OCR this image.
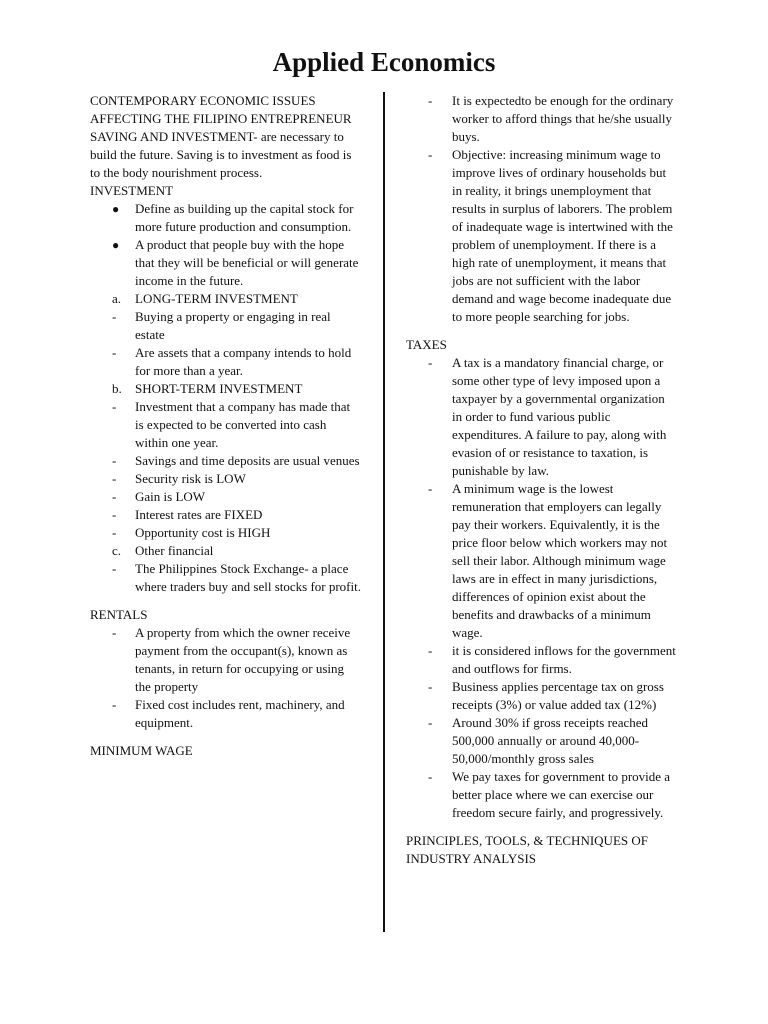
Applied Economics

CONTEMPORARY ECONOMIC ISSUES AFFECTING THE FILIPINO ENTREPRENEUR

SAVING AND INVESTMENT- are necessary to build the future. Saving is to investment as food is to the body nourishment process.

INVESTMENT

●	Define as building up the capital stock for more future production and consumption.
●	A product that people buy with the hope that they will be beneficial or will generate income in the future.
a.	LONG-TERM INVESTMENT
-	Buying a property or engaging in real estate
-	Are assets that a company intends to hold for more than a year.
b.	SHORT-TERM INVESTMENT
-	Investment that a company has made that is expected to be converted into cash within one year.
-	Savings and time deposits are usual venues
-	Security risk is LOW
-	Gain is LOW
-	Interest rates are FIXED
-	Opportunity cost is HIGH
c.	Other financial
-	The Philippines Stock Exchange- a place where traders buy and sell stocks for profit.

RENTALS

-	A property from which the owner receive payment from the occupant(s), known as tenants, in return for occupying or using the property
-	Fixed cost includes rent, machinery, and equipment.

MINIMUM WAGE

-	It is expectedto be enough for the ordinary worker to afford things that he/she usually buys.
-	Objective: increasing minimum wage to improve lives of ordinary households but in reality, it brings unemployment that results in surplus of laborers. The problem of inadequate wage is intertwined with the problem of unemployment. If there is a high rate of unemployment, it means that jobs are not sufficient with the labor demand and wage become inadequate due to more people searching for jobs.

TAXES

-	A tax is a mandatory financial charge, or some other type of levy imposed upon a taxpayer by a governmental organization in order to fund various public expenditures. A failure to pay, along with evasion of or resistance to taxation, is punishable by law.
-	A minimum wage is the lowest remuneration that employers can legally pay their workers. Equivalently, it is the price floor below which workers may not sell their labor. Although minimum wage laws are in effect in many jurisdictions, differences of opinion exist about the benefits and drawbacks of a minimum wage.
-	it is considered inflows for the government and outflows for firms.
-	Business applies percentage tax on gross receipts (3%) or value added tax (12%)
-	Around 30% if gross receipts reached 500,000 annually or around 40,000-50,000/monthly gross sales
-	We pay taxes for government to provide a better place where we can exercise our freedom secure fairly, and progressively.

PRINCIPLES, TOOLS, & TECHNIQUES OF INDUSTRY ANALYSIS
